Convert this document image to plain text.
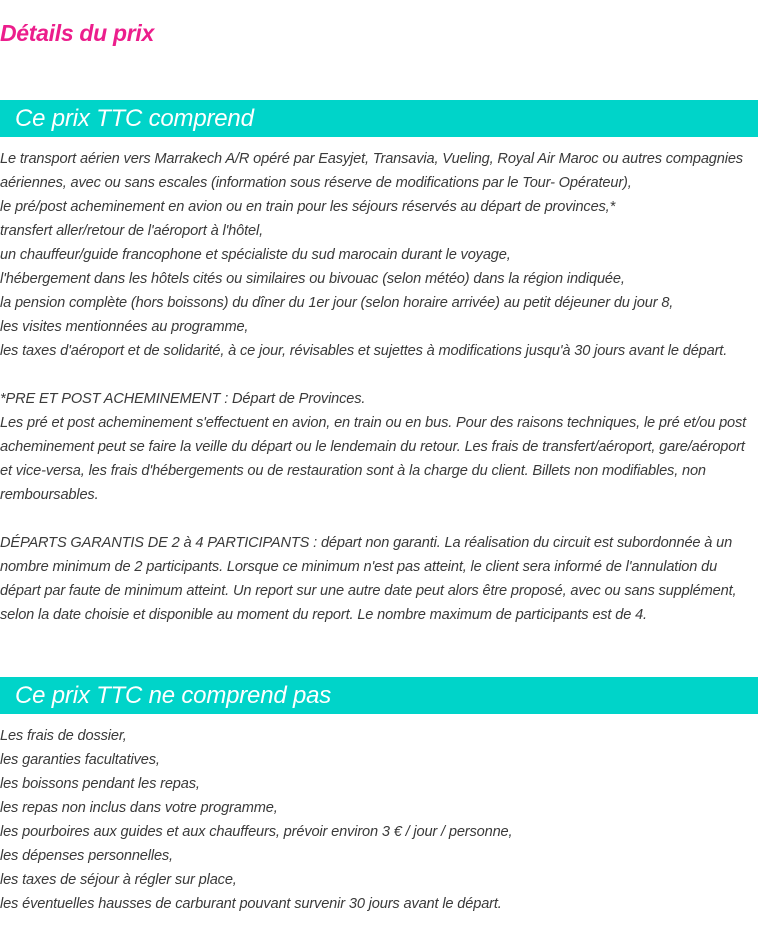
Détails du prix
Ce prix TTC comprend
Le transport aérien vers Marrakech A/R opéré par Easyjet, Transavia, Vueling, Royal Air Maroc ou autres compagnies
aériennes, avec ou sans escales (information sous réserve de modifications par le Tour- Opérateur),
le pré/post acheminement en avion ou en train pour les séjours réservés au départ de provinces,*
transfert aller/retour de l'aéroport à l'hôtel,
un chauffeur/guide francophone et spécialiste du sud marocain durant le voyage,
l'hébergement dans les hôtels cités ou similaires ou bivouac (selon météo) dans la région indiquée,
la pension complète (hors boissons) du dîner du 1er jour (selon horaire arrivée) au petit déjeuner du jour 8,
les visites mentionnées au programme,
les taxes d'aéroport et de solidarité, à ce jour, révisables et sujettes à modifications jusqu'à 30 jours avant le départ.
*PRE ET POST ACHEMINEMENT : Départ de Provinces.
Les pré et post acheminement s'effectuent en avion, en train ou en bus. Pour des raisons techniques, le pré et/ou post
acheminement peut se faire la veille du départ ou le lendemain du retour. Les frais de transfert/aéroport, gare/aéroport
et vice-versa, les frais d'hébergements ou de restauration sont à la charge du client. Billets non modifiables, non
remboursables.
DÉPARTS GARANTIS DE 2 à 4 PARTICIPANTS : départ non garanti. La réalisation du circuit est subordonnée à un
nombre minimum de 2 participants. Lorsque ce minimum n'est pas atteint, le client sera informé de l'annulation du
départ par faute de minimum atteint. Un report sur une autre date peut alors être proposé, avec ou sans supplément,
selon la date choisie et disponible au moment du report. Le nombre maximum de participants est de 4.
Ce prix TTC ne comprend pas
Les frais de dossier,
les garanties facultatives,
les boissons pendant les repas,
les repas non inclus dans votre programme,
les pourboires aux guides et aux chauffeurs, prévoir environ 3 € / jour / personne,
les dépenses personnelles,
les taxes de séjour à régler sur place,
les éventuelles hausses de carburant pouvant survenir 30 jours avant le départ.
